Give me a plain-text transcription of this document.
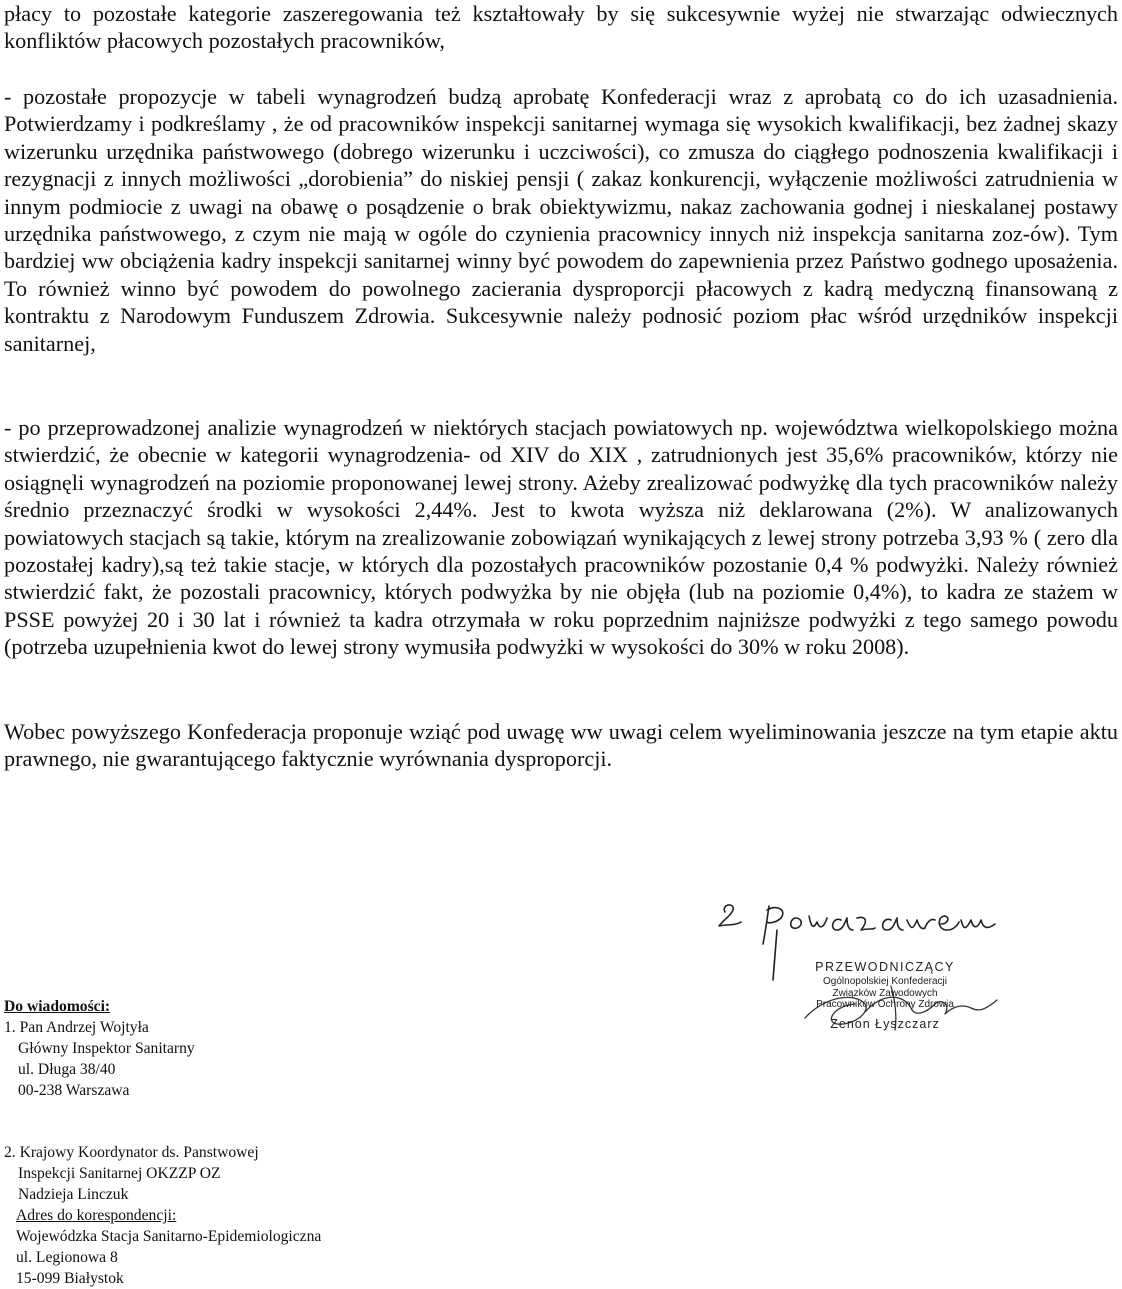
płacy to pozostałe kategorie zaszeregowania też kształtowały by się sukcesywnie wyżej nie stwarzając odwiecznych konfliktów płacowych pozostałych pracowników,

- pozostałe propozycje w tabeli wynagrodzeń budzą aprobatę Konfederacji wraz z aprobatą co do ich uzasadnienia. Potwierdzamy i podkreślamy , że od pracowników inspekcji sanitarnej wymaga się wysokich kwalifikacji, bez żadnej skazy wizerunku urzędnika państwowego (dobrego wizerunku i uczciwości), co zmusza do ciągłego podnoszenia kwalifikacji i rezygnacji z innych możliwości „dorobienia” do niskiej pensji ( zakaz konkurencji, wyłączenie możliwości zatrudnienia w innym podmiocie z uwagi na obawę o posądzenie o brak obiektywizmu, nakaz zachowania godnej i nieskalanej postawy urzędnika państwowego, z czym nie mają w ogóle do czynienia pracownicy innych niż inspekcja sanitarna zoz-ów). Tym bardziej ww obciążenia kadry inspekcji sanitarnej winny być powodem do zapewnienia przez Państwo godnego uposażenia. To również winno być powodem do powolnego zacierania dysproporcji płacowych z kadrą medyczną finansowaną z kontraktu z Narodowym Funduszem Zdrowia. Sukcesywnie należy podnosić poziom płac wśród urzędników inspekcji sanitarnej,

- po przeprowadzonej analizie wynagrodzeń w niektórych stacjach powiatowych np. województwa wielkopolskiego można stwierdzić, że obecnie w kategorii wynagrodzenia- od XIV do XIX , zatrudnionych jest 35,6% pracowników, którzy nie osiągnęli wynagrodzeń na poziomie proponowanej lewej strony. Ażeby zrealizować podwyżkę dla tych pracowników należy średnio przeznaczyć środki w wysokości 2,44%. Jest to kwota wyższa niż deklarowana (2%). W analizowanych powiatowych stacjach są takie, którym na zrealizowanie zobowiązań wynikających z lewej strony potrzeba 3,93 % ( zero dla pozostałej kadry),są też takie stacje, w których dla pozostałych pracowników pozostanie 0,4 % podwyżki. Należy również stwierdzić fakt, że pozostali pracownicy, których podwyżka by nie objęła (lub na poziomie 0,4%), to kadra ze stażem w PSSE powyżej 20 i 30 lat i również ta kadra otrzymała w roku poprzednim najniższe podwyżki z tego samego powodu (potrzeba uzupełnienia kwot do lewej strony wymusiła podwyżki w wysokości do 30% w roku 2008).

Wobec powyższego Konfederacja proponuje wziąć pod uwagę ww uwagi celem wyeliminowania jeszcze na tym etapie aktu prawnego, nie gwarantującego faktycznie wyrównania dysproporcji.

PRZEWODNICZĄCY
Ogólnopolskiej Konfederacji
Związków Zawodowych
Pracowników Ochrony Zdrowia
Zenon Łyszczarz
Do wiadomości:
1. Pan Andrzej Wojtyła
Główny Inspektor Sanitarny
ul. Długa 38/40
00-238 Warszawa
2. Krajowy Koordynator ds. Panstwowej
Inspekcji Sanitarnej OKZZP OZ
Nadzieja Linczuk
Adres do korespondencji:
Wojewódzka Stacja Sanitarno-Epidemiologiczna
ul. Legionowa 8
15-099 Białystok
